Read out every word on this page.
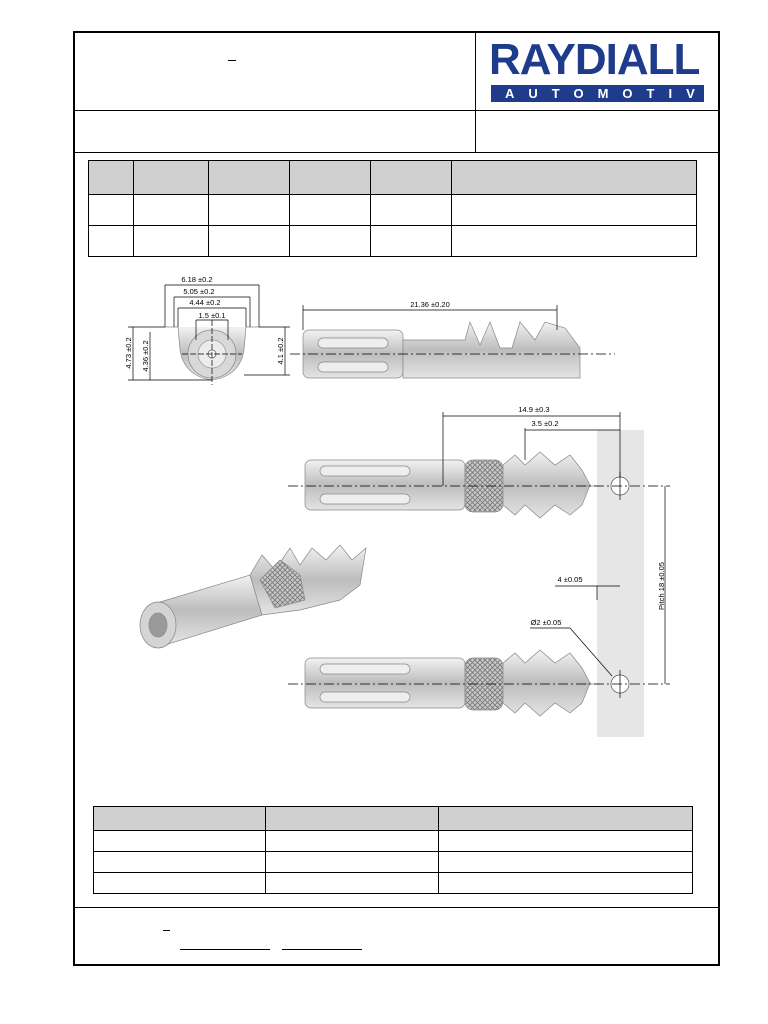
RAYDIALL
AUTOMOTIVE

6.18 ±0.2
5.05 ±0.2
4.44 ±0.2
1.5 ±0.1
4.73 ±0.2 4.36 ±0.2	4.1 ±0.2
21.36 ±0.20
14.9 ±0.3
3.5 ±0.2
4 ±0.05	Pitch 18 ±0.05
Ø2 ±0.05
